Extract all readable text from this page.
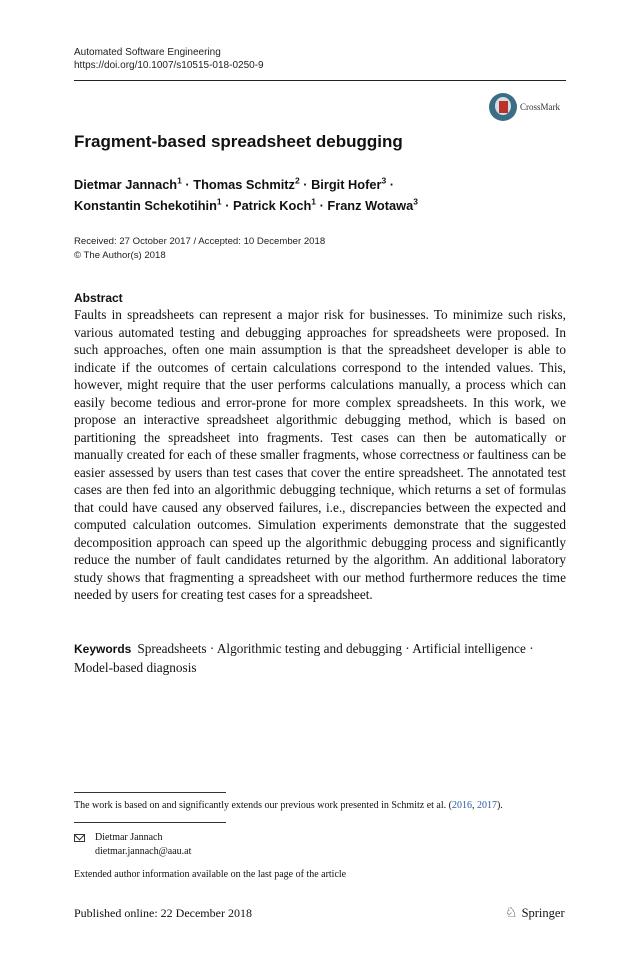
Automated Software Engineering
https://doi.org/10.1007/s10515-018-0250-9
CrossMark
Fragment-based spreadsheet debugging
Dietmar Jannach$^1$ · Thomas Schmitz$^2$ · Birgit Hofer$^3$ ·
Konstantin Schekotihin$^1$ · Patrick Koch$^1$ · Franz Wotawa$^3$
Received: 27 October 2017 / Accepted: 10 December 2018
© The Author(s) 2018
Abstract

Faults in spreadsheets can represent a major risk for businesses. To minimize such risks, various automated testing and debugging approaches for spreadsheets were proposed. In such approaches, often one main assumption is that the spreadsheet developer is able to indicate if the outcomes of certain calculations correspond to the intended values. This, however, might require that the user performs calculations manually, a process which can easily become tedious and error-prone for more complex spreadsheets. In this work, we propose an interactive spreadsheet algorithmic debugging method, which is based on partitioning the spreadsheet into fragments. Test cases can then be automatically or manually created for each of these smaller fragments, whose correctness or faultiness can be easier assessed by users than test cases that cover the entire spreadsheet. The annotated test cases are then fed into an algorithmic debugging technique, which returns a set of formulas that could have caused any observed failures, i.e., discrepancies between the expected and computed calculation outcomes. Simulation experiments demonstrate that the suggested decomposition approach can speed up the algorithmic debugging process and significantly reduce the number of fault candidates returned by the algorithm. An additional laboratory study shows that fragmenting a spreadsheet with our method furthermore reduces the time needed by users for creating test cases for a spreadsheet.

Keywords Spreadsheets · Algorithmic testing and debugging · Artificial intelligence · Model-based diagnosis

The work is based on and significantly extends our previous work presented in Schmitz et al. (2016, 2017).
Dietmar Jannach
dietmar.jannach@aau.at
Extended author information available on the last page of the article
Published online: 22 December 2018	♘ Springer
